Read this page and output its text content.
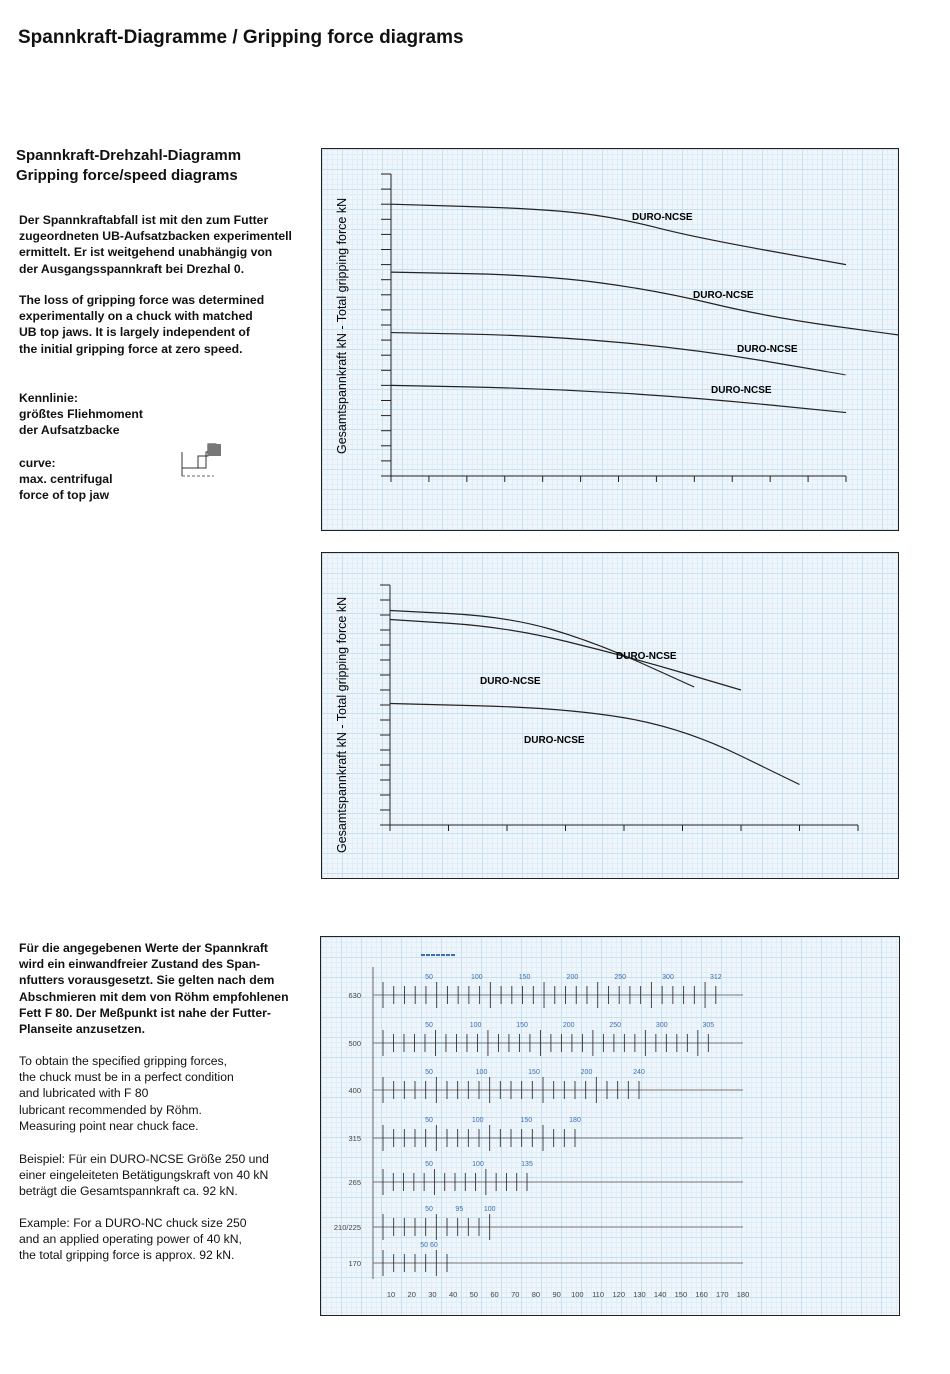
Spannkraft-Diagramme / Gripping force diagrams
Spannkraft-Drehzahl-Diagramm
Gripping force/speed diagrams
Der Spannkraftabfall ist mit den zum Futter
zugeordneten UB-Aufsatzbacken experimentell
ermittelt. Er ist weitgehend unabhängig von
der Ausgangsspannkraft bei Drezhal 0.
The loss of gripping force was determined
experimentally on a chuck with matched
UB top jaws. It is largely independent of
the initial gripping force at zero speed.
Kennlinie:
größtes Fliehmoment
der Aufsatzbacke
curve:
max. centrifugal
force of top jaw
Für die angegebenen Werte der Spannkraft
wird ein einwandfreier Zustand des Span-
nfutters vorausgesetzt. Sie gelten nach dem
Abschmieren mit dem von Röhm empfohlenen
Fett F 80. Der Meßpunkt ist nahe der Futter-
Planseite anzusetzen.
To obtain the specified gripping forces,
the chuck must be in a perfect condition
and lubricated with F 80
lubricant recommended by Röhm.
Measuring point near chuck face.
Beispiel: Für ein DURO-NCSE Größe 250 und
einer eingeleiteten Betätigungskraft von 40 kN
beträgt die Gesamtspannkraft ca. 92 kN.
Example: For a DURO-NC chuck size 250
and an applied operating power of 40 kN,
the total gripping force is approx. 92 kN.
Gesamtspannkraft kN - Total gripping force kN	DURO-NCSE
DURO-NCSE
DURO-NCSE
DURO-NCSE
Gesamtspannkraft kN - Total gripping force kN	DURO-NCSE
DURO-NCSE
DURO-NCSE
10 20 30 40 50 60 70 80 90 100 110 120 130 140 150 160 170 180
630
50	100	150	200	250	300	312
500
50	100	150	200	250	300	305
400
50	100	150	200	240
315
50	100	150	180
265
50	100	135
210/225
50	95	100
170
50 60
